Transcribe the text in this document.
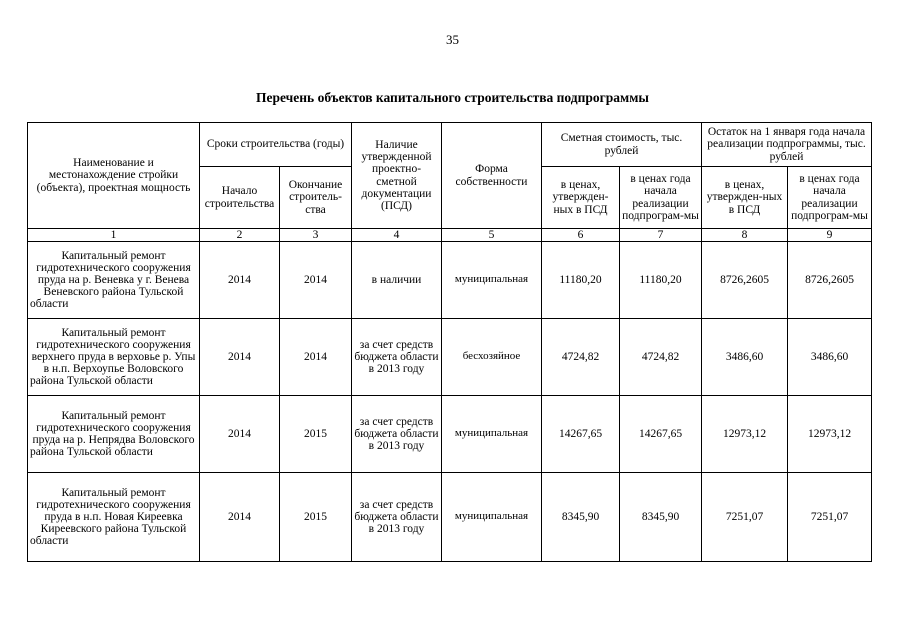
35
Перечень объектов капитального строительства подпрограммы
Наименование и местонахождение стройки (объекта), проектная мощность	Сроки строительства (годы)		Наличие утвержденной проектно-сметной документации (ПСД)	Форма собственности	Сметная стоимость, тыс. рублей		Остаток на 1 января года начала реализации подпрограммы, тыс. рублей	
	Начало строительства	Окончание строитель-ства			в ценах, утвержден-ных в ПСД	в ценах года начала реализации подпрограм-мы	в ценах, утвержден-ных в ПСД	в ценах года начала реализации подпрограм-мы
1	2	3	4	5	6	7	8	9
Капитальный ремонт гидротехнического сооружения пруда на р. Веневка у г. Венева Веневского района Тульской области	2014	2014	в наличии	муниципальная	11180,20	11180,20	8726,2605	8726,2605
Капитальный ремонт гидротехнического сооружения верхнего пруда в верховье р. Упы в н.п. Верхоупье Воловского района Тульской области	2014	2014	за счет средств бюджета области в 2013 году	бесхозяйное	4724,82	4724,82	3486,60	3486,60
Капитальный ремонт гидротехнического сооружения пруда на р. Непрядва Воловского района Тульской области	2014	2015	за счет средств бюджета области в 2013 году	муниципальная	14267,65	14267,65	12973,12	12973,12
Капитальный ремонт гидротехнического сооружения пруда в н.п. Новая Киреевка Киреевского района Тульской области	2014	2015	за счет средств бюджета области в 2013 году	муниципальная	8345,90	8345,90	7251,07	7251,07
